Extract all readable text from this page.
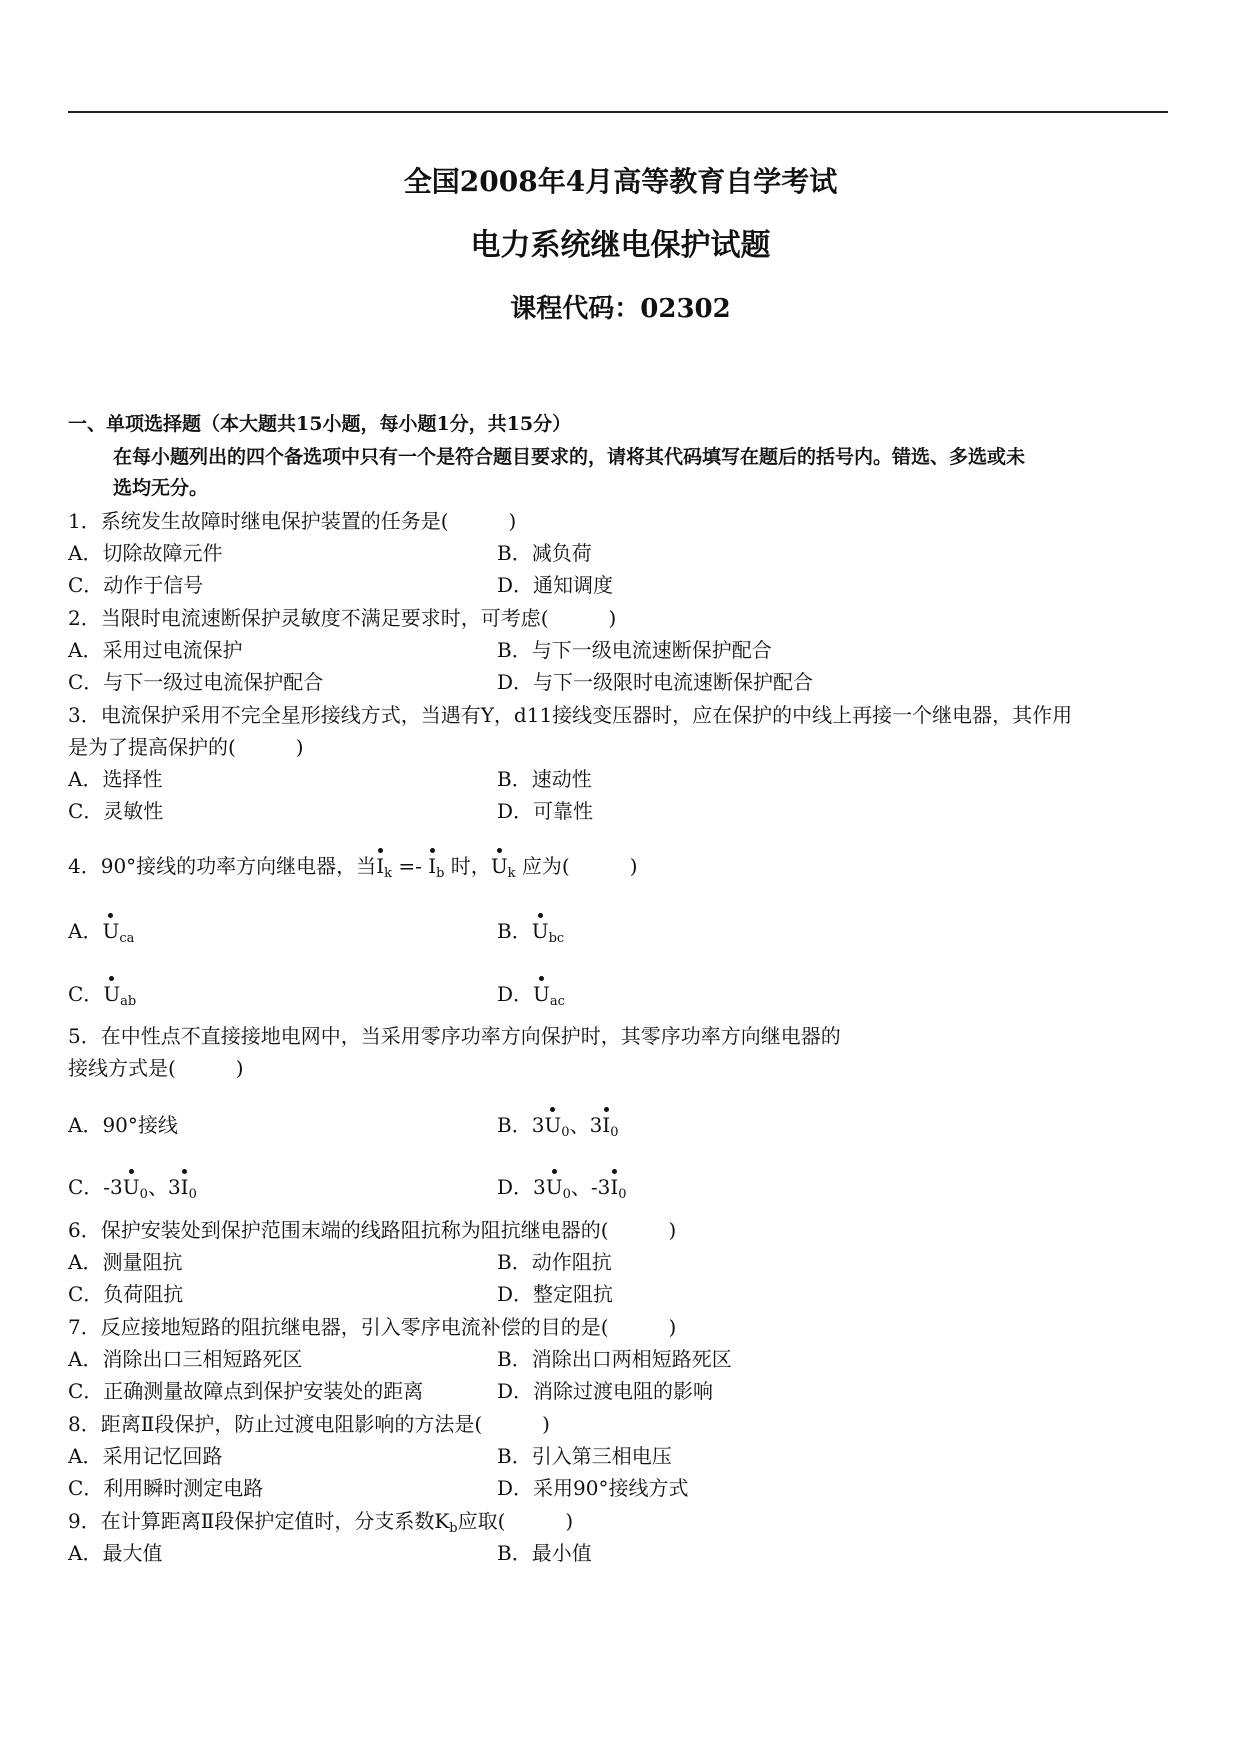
全国2008年4月高等教育自学考试
电力系统继电保护试题
课程代码：02302
一、单项选择题（本大题共15小题，每小题1分，共15分）
在每小题列出的四个备选项中只有一个是符合题目要求的，请将其代码填写在题后的括号内。错选、多选或未
选均无分。
1．系统发生故障时继电保护装置的任务是(　　　)
A．切除故障元件	B．减负荷
C．动作于信号	D．通知调度
2．当限时电流速断保护灵敏度不满足要求时，可考虑(　　　)
A．采用过电流保护	B．与下一级电流速断保护配合
C．与下一级过电流保护配合	D．与下一级限时电流速断保护配合
3．电流保护采用不完全星形接线方式，当遇有Y，d11接线变压器时，应在保护的中线上再接一个继电器，其作用
是为了提高保护的(　　　)
A．选择性	B．速动性
C．灵敏性	D．可靠性
4．90°接线的功率方向继电器，当$I_k =- I_b$ 时，$U_k$ 应为(　　　)
A．$U_{ca}$	B．$U_{bc}$
C．$U_{ab}$	D．$U_{ac}$
5．在中性点不直接接地电网中，当采用零序功率方向保护时，其零序功率方向继电器的
接线方式是(　　　)
A．90°接线	B．$3U_0$、$3I_0$
C．$-3U_0$、$3I_0$	D．$3U_0$、$-3I_0$
6．保护安装处到保护范围末端的线路阻抗称为阻抗继电器的(　　　)
A．测量阻抗	B．动作阻抗
C．负荷阻抗	D．整定阻抗
7．反应接地短路的阻抗继电器，引入零序电流补偿的目的是(　　　)
A．消除出口三相短路死区	B．消除出口两相短路死区
C．正确测量故障点到保护安装处的距离	D．消除过渡电阻的影响
8．距离Ⅱ段保护，防止过渡电阻影响的方法是(　　　)
A．采用记忆回路	B．引入第三相电压
C．利用瞬时测定电路	D．采用90°接线方式
9．在计算距离Ⅱ段保护定值时，分支系数$K_b$应取(　　　)
A．最大值	B．最小值
